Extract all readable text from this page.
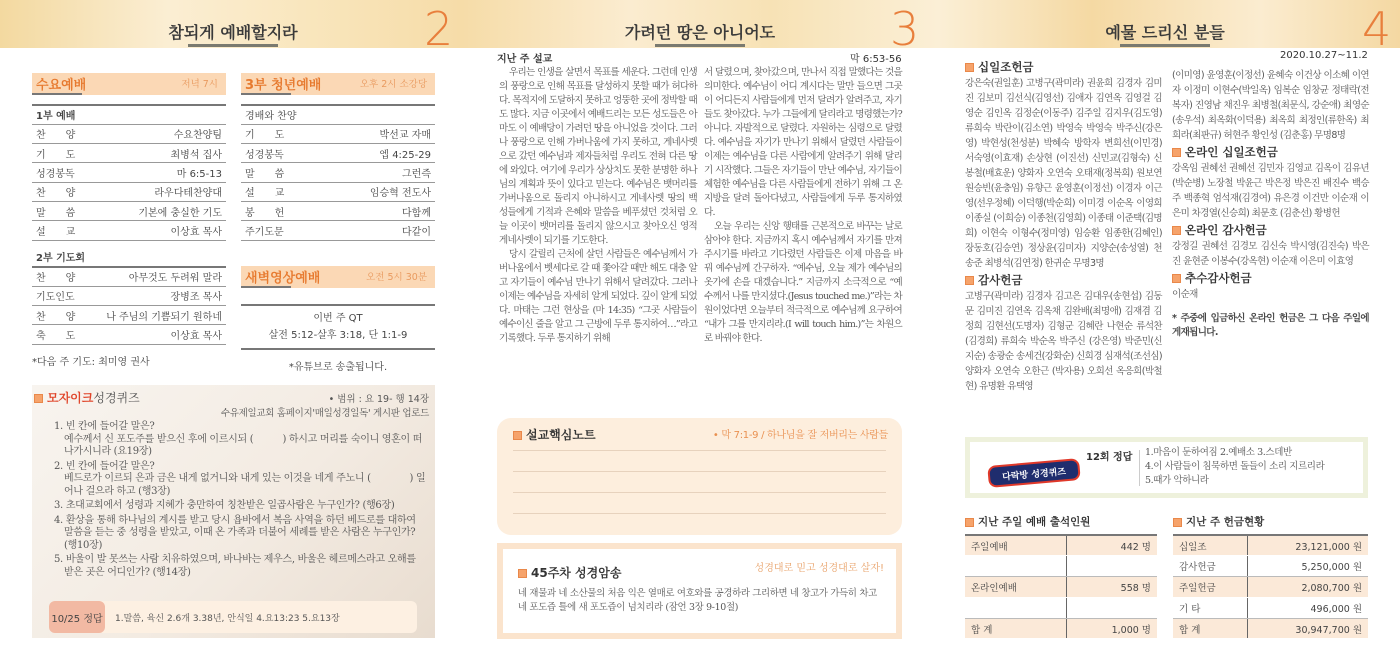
참되게 예배할지라	2	가려던 땅은 아니어도 3	예물 드리신 분들	4
수요예배	저녁 7시
1부 예배	
찬　　양	수요찬양팀
기　　도	최병석 집사
성경봉독	마 6:5-13
찬　　양	라우다테찬양대
말　　씀	기본에 충실한 기도
설　　교	이상효 목사
2부 기도회	
찬　　양	아무것도 두려워 말라
기도인도	장병조 목사
찬　　양	나 주님의 기쁨되기 원하네
축　　도	이상효 목사
*다음 주 기도: 최미영 권사
3부 청년예배	오후 2시 소강당
경배와 찬양	
기　　도	박선교 자매
성경봉독	엡 4:25-29
말　　씀	그런즉
설　　교	임승혁 전도사
봉　　헌	다함께
주기도문	다같이
새벽영상예배	오전 5시 30분
이번 주 QT
살전 5:12-살후 3:18, 단 1:1-9
*유튜브로 송출됩니다.
모자이크성경퀴즈	• 범위 : 요 19- 행 14장
수유제일교회 홈페이지'매일성경일독' 게시판 업로드
1. 빈 칸에 들어갈 말은?
예수께서 신 포도주를 받으신 후에 이르시되 (　　　) 하시고 머리를 숙이니 영혼이 떠나가시니라 (요19장)
2. 빈 칸에 들어갈 말은?
베드로가 이르되 은과 금은 내게 없거니와 내게 있는 이것을 네게 주노니 (　　　　) 일어나 걸으라 하고 (행3장)
3. 초대교회에서 성령과 지혜가 충만하여 칭찬받은 일곱사람은 누구인가? (행6장)
4. 환상을 통해 하나님의 계시를 받고 당시 욥바에서 복음 사역을 하던 베드로를 대하여 말씀을 듣는 중 성령을 받았고, 이때 온 가족과 더불어 세례를 받은 사람은 누구인가? (행10장)
5. 바울이 발 못쓰는 사람 치유하였으며, 바나바는 제우스, 바울은 헤르메스라고 오해를 받은 곳은 어디인가? (행14장)
10/25 정답 1.말씀, 육신 2.6개 3.38년, 안식일 4.요13:23 5.요13장
지난 주 설교	막 6:53-56

우리는 인생을 살면서 목표를 세운다. 그런데 인생의 풍랑으로 인해 목표를 달성하지 못할 때가 허다하다. 목적지에 도달하지 못하고 엉뚱한 곳에 정박할 때도 많다. 지금 이곳에서 예배드리는 모든 성도들은 아마도 이 예배당이 가려던 땅을 아니었을 것이다. 그러나 풍랑으로 인해 가버나움에 가지 못하고, 게네사렛으로 갔던 예수님과 제자들처럼 우리도 전혀 다른 땅에 와있다. 여기에 우리가 상상치도 못한 분명한 하나님의 계획과 뜻이 있다고 믿는다. 예수님은 뱃머리를 가버나움으로 돌리지 아니하시고 게네사렛 땅의 백성들에게 기적과 은혜와 말씀을 베푸셨던 것처럼 오늘 이곳이 뱃머리를 돌리지 않으시고 찾아오신 영적 게네사렛이 되기를 기도한다.

당시 갈릴리 근처에 살던 사람들은 예수님께서 가버나움에서 벳세다로 갈 때 쫓아갈 때만 해도 대충 알고 자기들이 예수님 만나기 위해서 달려갔다. 그러나 이제는 예수님을 자세히 알게 되었다. 깊이 알게 되었다. 마태는 그런 현상을 (마 14:35) “그곳 사람들이 예수이신 줄을 알고 그 근방에 두루 통지하여…”라고 기록했다. 두루 통지하기 위해

서 달렸으며, 찾아갔으며, 만나서 직접 말했다는 것을 의미한다. 예수님이 어디 계시다는 말만 들으면 그곳이 어디든지 사람들에게 먼저 달려가 알려주고, 자기들도 찾아갔다. 누가 그들에게 달리라고 명령했는가? 아니다. 자발적으로 달렸다. 자원하는 심령으로 달렸다. 예수님을 자기가 만나기 위해서 달렸던 사람들이 이제는 예수님을 다른 사람에게 알려주기 위해 달리기 시작했다. 그들은 자기들이 만난 예수님, 자기들이 체험한 예수님을 다른 사람들에게 전하기 위해 그 온 지방을 달려 돌아다녔고, 사람들에게 두루 통지하였다.

오늘 우리는 신앙 행태를 근본적으로 바꾸는 날로 삼아야 한다. 지금까지 혹시 예수님께서 자기를 만져주시기를 바라고 기다렸던 사람들은 이제 마음을 바꿔 예수님께 간구하자. “예수님, 오늘 제가 예수님의 옷가에 손을 대겠습니다.” 지금까지 소극적으로 “예수께서 나를 만지셨다.(Jesus touched me.)”라는 차원이었다면 오늘부터 적극적으로 예수님께 요구하여 “내가 그를 만지리라.(I will touch him.)”는 차원으로 바꿔야 한다.

설교핵심노트	• 막 7:1-9 / 하나님을 잘 저버리는 사람들
45주차 성경암송	성경대로 믿고 성경대로 살자!
네 재물과 네 소산물의 처음 익은 열매로 여호와를 공경하라 그리하면 네 창고가 가득히 차고 네 포도즙 틀에 새 포도즙이 넘치리라 (잠언 3장 9-10절)
2020.10.27~11.2
십일조헌금
강은숙(권일훈) 고병구(곽미라) 권윤희 김경자 김미진 김보미 김선식(김영선) 김애자 김연옥 김영걸 김영순 김인옥 김정순(이동주) 김주일 김지우(김도영) 류희숙 박란이(김소연) 박영숙 박영숙 박주신(강은영) 박현성(천성분) 박혜숙 방학자 변희선(이민경) 서숙영(이효재) 손상현 (이진선) 신민교(김형숙) 신봉철(배효운) 양화자 오연숙 오태재(정복희) 원보연 원승빈(윤충임) 유향근 윤영훈(이정선) 이경자 이근영(선우정혜) 이덕행(박순희) 이미경 이순옥 이영희 이종실 (이희승) 이종천(김영희) 이종태 이준택(김명희) 이현숙 이형수(정미영) 임승환 임종한(김혜인) 장동호(김승연) 정상윤(김미자) 지양순(송성열) 천송준 최병석(김연정) 한귀순 무명3명
감사헌금
고병구(곽미라) 김경자 김고은 김대우(송현섭) 김동문 김미진 김연옥 김옥채 김완배(최명애) 김재겸 김정희 김현선(도명자) 김형군 김혜란 나현순 류석찬(김경희) 류희숙 박순옥 박주신 (강은영) 박준민(신지순) 송광순 송세건(강화순) 신희경 심재석(조선심) 양화자 오연숙 오한근 (박자용) 오희선 옥응희(박철현) 유명환 유택영
(이미영) 윤영훈(이정선) 윤혜숙 이건상 이소혜 이연자 이정미 이현수(박일옥) 임복순 임창균 정태락(전복자) 진영남 채진우 최병철(최문식, 강순애) 최영순(송우석) 최옥화(이덕용) 최옥희 최정인(류한옥) 최희라(최판규) 허현주 황인성 (김춘홍) 무명8명
온라인 십일조헌금
강옥임 권혜선 권혜선 김민자 김영교 김옥이 김유년(박순병) 노장철 박윤근 박은정 박은진 배진수 백승주 백종혁 엄석재(김경여) 유은경 이건만 이순재 이은미 차경열(신승희) 최문호 (김춘선) 황병헌
온라인 감사헌금
강정길 권혜선 김경모 김신숙 박시영(김진숙) 박은진 윤현준 이봉수(강옥현) 이순재 이은미 이효영
추수감사헌금
이순재
* 주중에 입금하신 온라인 헌금은 그 다음 주일에 게재됩니다.
다락방 성경퀴즈
12회 정답 1.마음이 둔하여짐 2.예배소 3.스데반
4.이 사람들이 침묵하면 돌들이 소리 지르리라
5.때가 악하니라
지난 주일 예배 출석인원
주일예배	442 명

온라인예배	558 명

합 계	1,000 명
지난 주 헌금현황
십일조	23,121,000 원
감사헌금	5,250,000 원
주일헌금	2,080,700 원
기 타	496,000 원
합 계	30,947,700 원
